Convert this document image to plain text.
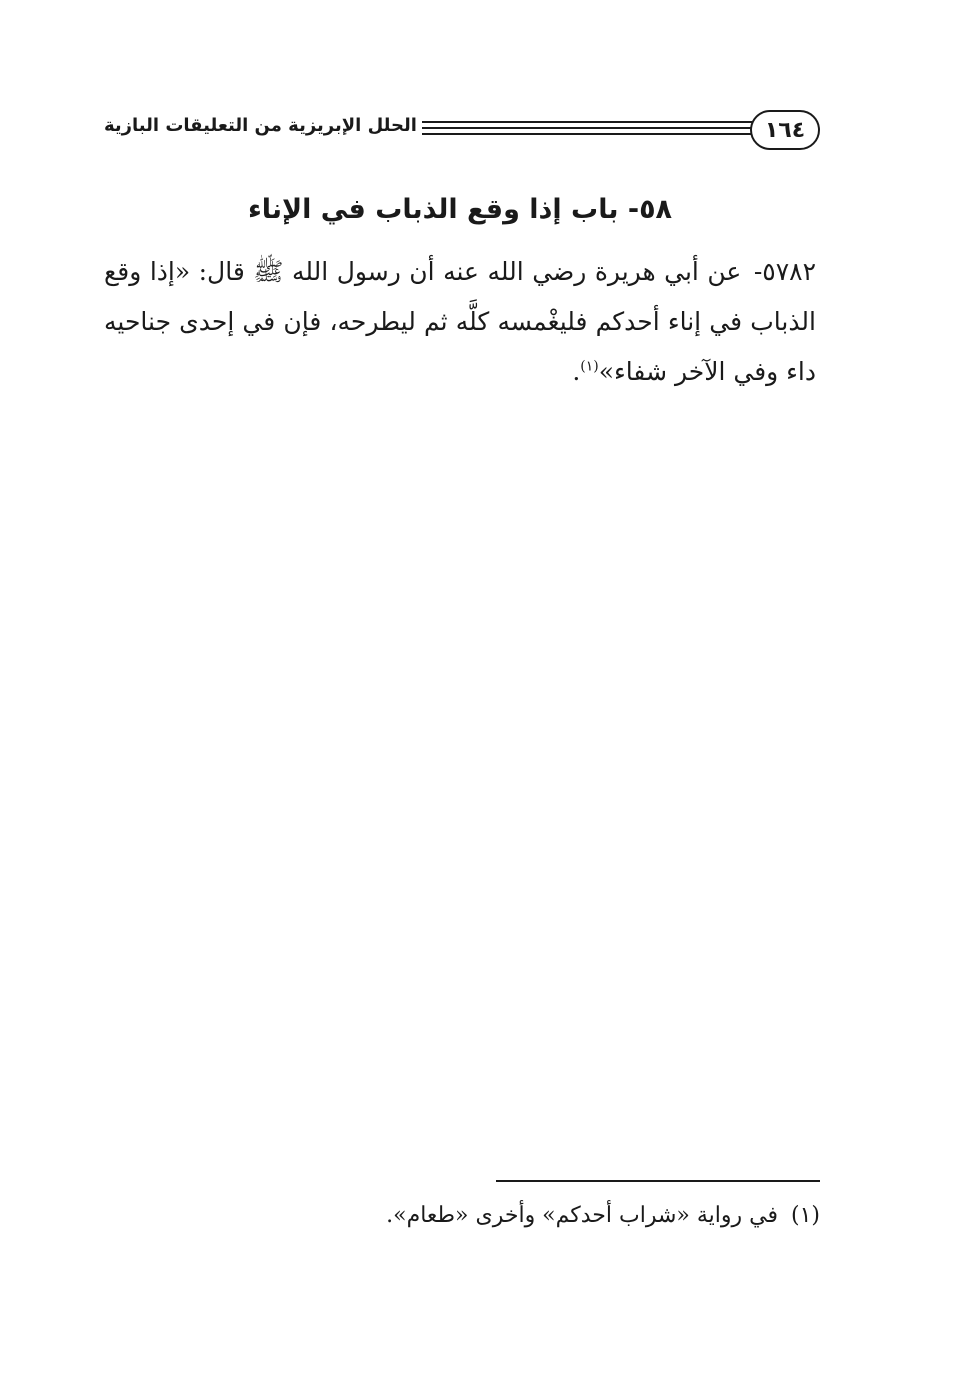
١٦٤
الحلل الإبريزية من التعليقات البازية
٥٨- باب إذا وقع الذباب في الإناء
٥٧٨٢- عن أبي هريرة رضي الله عنه أن رسول الله ﷺ قال: «إذا وقع الذباب في إناء أحدكم فليغْمسه كلَّه ثم ليطرحه، فإن في إحدى جناحيه داء وفي الآخر شفاء»$^{(١)}$.
(١) في رواية «شراب أحدكم» وأخرى «طعام».
